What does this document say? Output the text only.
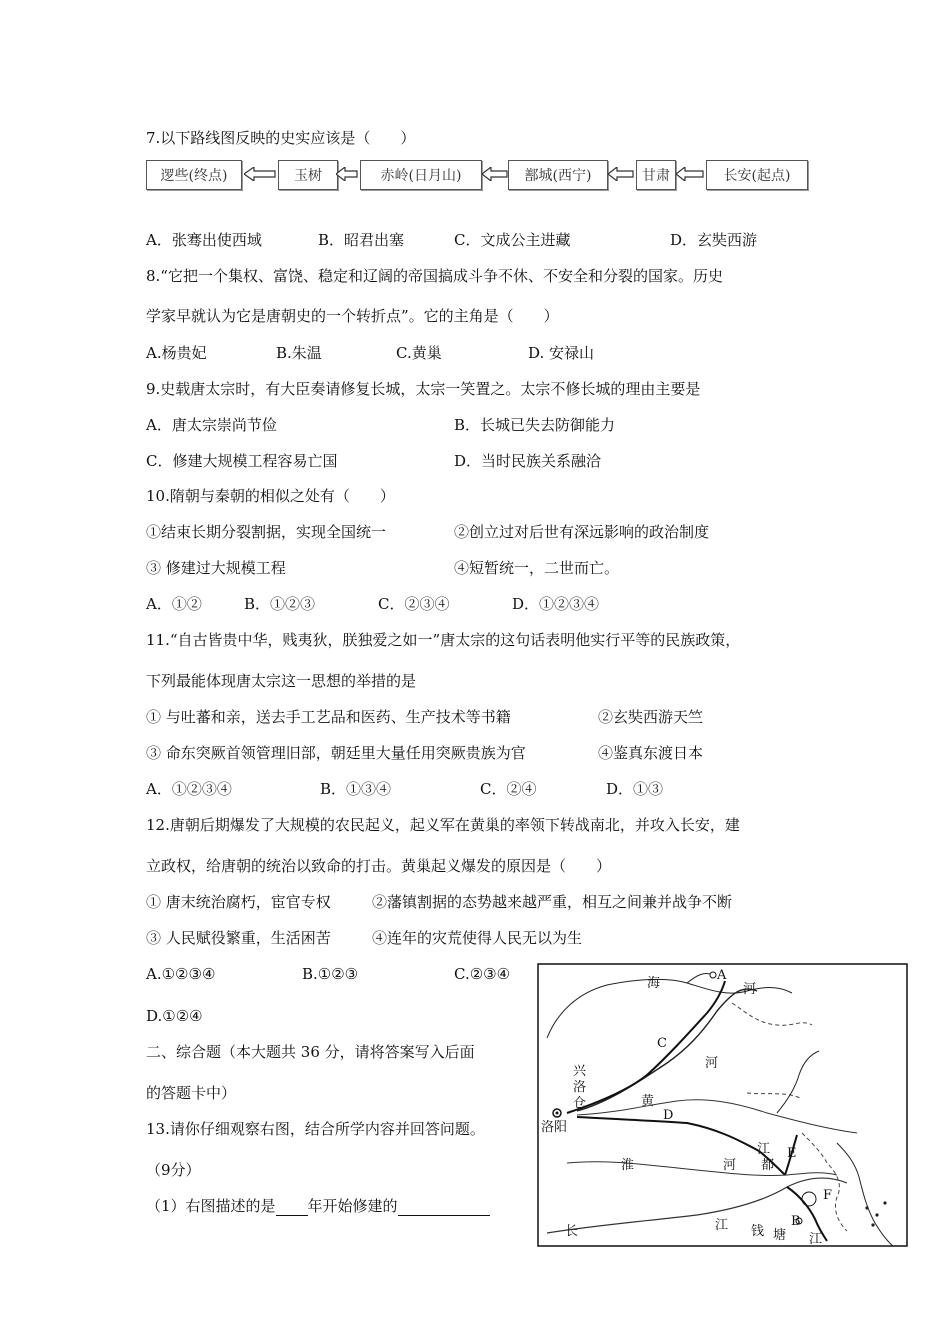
7.以下路线图反映的史实应该是（　　）
逻些(终点)	玉树	赤岭(日月山)	鄯城(西宁)	甘肃	长安(起点)
A．张骞出使西域	B．昭君出塞	C．文成公主进藏	D．玄奘西游
8.“它把一个集权、富饶、稳定和辽阔的帝国搞成斗争不休、不安全和分裂的国家。历史
学家早就认为它是唐朝史的一个转折点”。它的主角是（　　）
A.杨贵妃	B.朱温	C.黄巢	D. 安禄山
9.史载唐太宗时，有大臣奏请修复长城，太宗一笑置之。太宗不修长城的理由主要是
A．唐太宗崇尚节俭	B．长城已失去防御能力
C．修建大规模工程容易亡国	D．当时民族关系融洽
10.隋朝与秦朝的相似之处有（　　）
①结束长期分裂割据，实现全国统一	②创立过对后世有深远影响的政治制度
③ 修建过大规模工程	④短暂统一，二世而亡。
A．①②	B．①②③	C．②③④	D．①②③④
11.“自古皆贵中华，贱夷狄，朕独爱之如一”唐太宗的这句话表明他实行平等的民族政策，
下列最能体现唐太宗这一思想的举措的是
① 与吐蕃和亲，送去手工艺品和医药、生产技术等书籍	②玄奘西游天竺
③ 命东突厥首领管理旧部，朝廷里大量任用突厥贵族为官	④鉴真东渡日本
A．①②③④	B．①③④	C．②④	D．①③
12.唐朝后期爆发了大规模的农民起义，起义军在黄巢的率领下转战南北，并攻入长安，建
立政权，给唐朝的统治以致命的打击。黄巢起义爆发的原因是（　　）
① 唐末统治腐朽，宦官专权	②藩镇割据的态势越来越严重，相互之间兼并战争不断
③ 人民赋役繁重，生活困苦	④连年的灾荒使得人民无以为生
A.①②③④	B.①②③	C.②③④
D.①②④
二、综合题（本大题共 36 分，请将答案写入后面
的答题卡中）
13.请你仔细观察右图，结合所学内容并回答问题。
（9分）
（1）右图描述的是 年开始修建的
海
A
河
C
河
兴
洛
仓	黄
D
洛阳
淮	河
江
都
E
F
B
长	江 钱 塘 江
